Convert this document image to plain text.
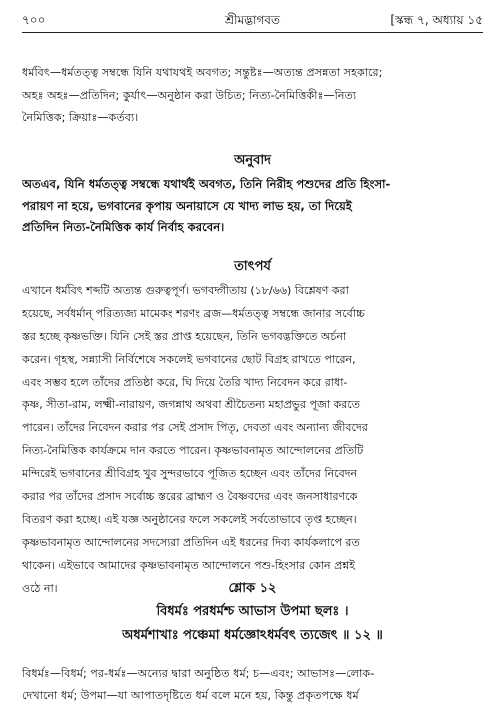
৭০০	শ্রীমদ্ভাগবত	[স্কন্ধ ৭, অধ্যায় ১৫
ধর্মবিৎ—ধর্মতত্ত্ব সম্বন্ধে যিনি যথাযথই অবগত; সন্তুষ্টঃ—অত্যন্ত প্রসন্নতা সহকারে;
অহঃ অহঃ—প্রতিদিন; কুর্যাৎ—অনুষ্ঠান করা উচিত; নিত্য-নৈমিত্তিকীঃ—নিত্য
নৈমিত্তিক; ক্রিয়াঃ—কর্তব্য।
অনুবাদ
অতএব, যিনি ধর্মতত্ত্ব সম্বন্ধে যথার্থই অবগত, তিনি নিরীহ পশুদের প্রতি হিংসা-
পরায়ণ না হয়ে, ভগবানের কৃপায় অনায়াসে যে খাদ্য লাভ হয়, তা দিয়েই
প্রতিদিন নিত্য-নৈমিত্তিক কার্য নির্বাহ করবেন।
তাৎপর্য
এখানে ধর্মবিৎ শব্দটি অত্যন্ত গুরুত্বপূর্ণ। ভগবদ্গীতায় (১৮/৬৬) বিশ্লেষণ করা
হয়েছে, সর্বধর্মান্ পরিত্যজ্য মামেকং শরণং ব্রজ—ধর্মতত্ত্ব সম্বন্ধে জানার সর্বোচ্চ
স্তর হচ্ছে কৃষ্ণভক্তি। যিনি সেই স্তর প্রাপ্ত হয়েছেন, তিনি ভগবদ্ভক্তিতে অর্চনা
করেন। গৃহস্থ, সন্ন্যাসী নির্বিশেষে সকলেই ভগবানের ছোট বিগ্রহ রাখতে পারেন,
এবং সম্ভব হলে তাঁদের প্রতিষ্ঠা করে, ঘি দিয়ে তৈরি খাদ্য নিবেদন করে রাধা-
কৃষ্ণ, সীতা-রাম, লক্ষ্মী-নারায়ণ, জগন্নাথ অথবা শ্রীচৈতন্য মহাপ্রভুর পূজা করতে
পারেন। তাঁদের নিবেদন করার পর সেই প্রসাদ পিতৃ, দেবতা এবং অন্যান্য জীবদের
নিত্য-নৈমিত্তিক কার্যক্রমে দান করতে পারেন। কৃষ্ণভাবনামৃত আন্দোলনের প্রতিটি
মন্দিরেই ভগবানের শ্রীবিগ্রহ খুব সুন্দরভাবে পূজিত হচ্ছেন এবং তাঁদের নিবেদন
করার পর তাঁদের প্রসাদ সর্বোচ্চ স্তরের ব্রাহ্মণ ও বৈষ্ণবদের এবং জনসাধারণকে
বিতরণ করা হচ্ছে। এই যজ্ঞ অনুষ্ঠানের ফলে সকলেই সর্বতোভাবে তৃপ্ত হচ্ছেন।
কৃষ্ণভাবনামৃত আন্দোলনের সদস্যেরা প্রতিদিন এই ধরনের দিব্য কার্যকলাপে রত
থাকেন। এইভাবে আমাদের কৃষ্ণভাবনামৃত আন্দোলনে পশু-হিংসার কোন প্রশ্নই
ওঠে না।	শ্লোক ১২
বিধর্মঃ পরধর্মশ্চ আভাস উপমা ছলঃ ।
অধর্মশাখাঃ পঞ্চেমা ধর্মজ্ঞোঽধর্মবৎ ত্যজেৎ ॥ ১২ ॥
বিধর্মঃ—বিধর্ম; পর-ধর্মঃ—অন্যের দ্বারা অনুষ্ঠিত ধর্ম; চ—এবং; আভাসঃ—লোক-
দেখানো ধর্ম; উপমা—যা আপাতদৃষ্টিতে ধর্ম বলে মনে হয়, কিন্তু প্রকৃতপক্ষে ধর্ম
